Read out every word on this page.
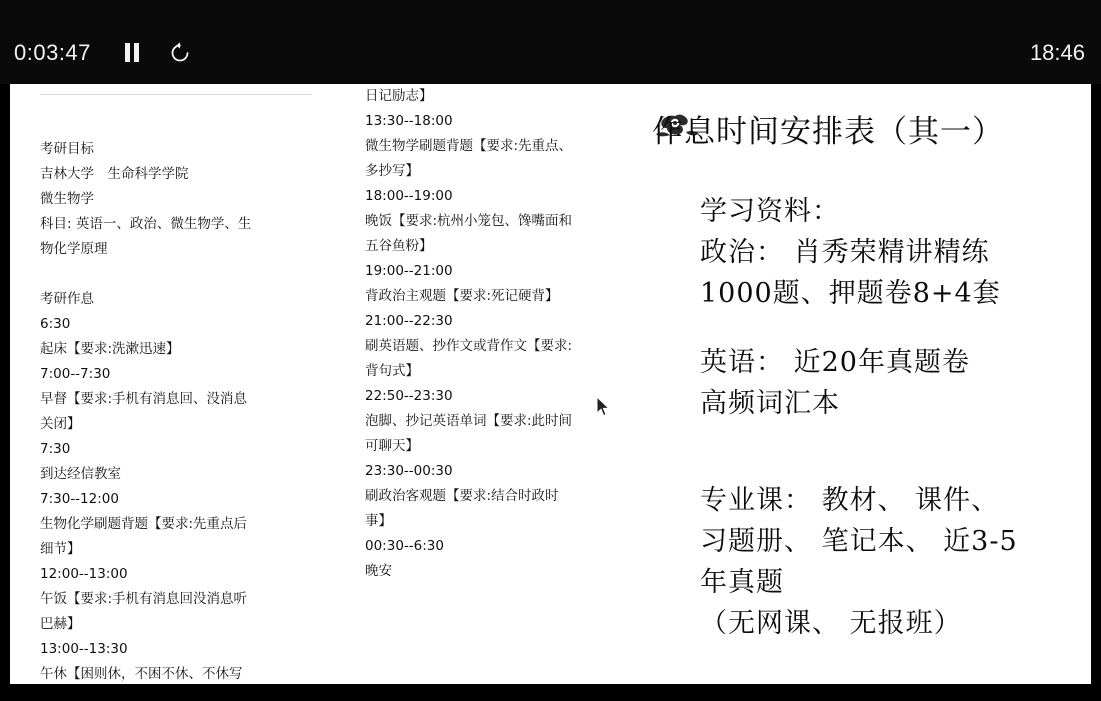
0:03:47	18:46

考研目标

吉林大学　生命科学学院

微生物学

科目: 英语一、政治、微生物学、生

物化学原理

考研作息

6:30

起床【要求:洗漱迅速】

7:00--7:30

早督【要求:手机有消息回、没消息

关闭】

7:30

到达经信教室

7:30--12:00

生物化学刷题背题【要求:先重点后

细节】

12:00--13:00

午饭【要求:手机有消息回没消息听

巴赫】

13:00--13:30

午休【困则休，不困不休、不休写

日记励志】

13:30--18:00

微生物学刷题背题【要求:先重点、

多抄写】

18:00--19:00

晚饭【要求:杭州小笼包、馋嘴面和

五谷鱼粉】

19:00--21:00

背政治主观题【要求:死记硬背】

21:00--22:30

刷英语题、抄作文或背作文【要求:

背句式】

22:50--23:30

泡脚、抄记英语单词【要求:此时间

可聊天】

23:30--00:30

刷政治客观题【要求:结合时政时

事】

00:30--6:30

晚安

作息时间安排表（其一）
学习资料：
政治： 肖秀荣精讲精练
1000题、押题卷8+4套
英语： 近20年真题卷
高频词汇本
专业课： 教材、 课件、
习题册、 笔记本、 近3-5
年真题
（无网课、 无报班）
